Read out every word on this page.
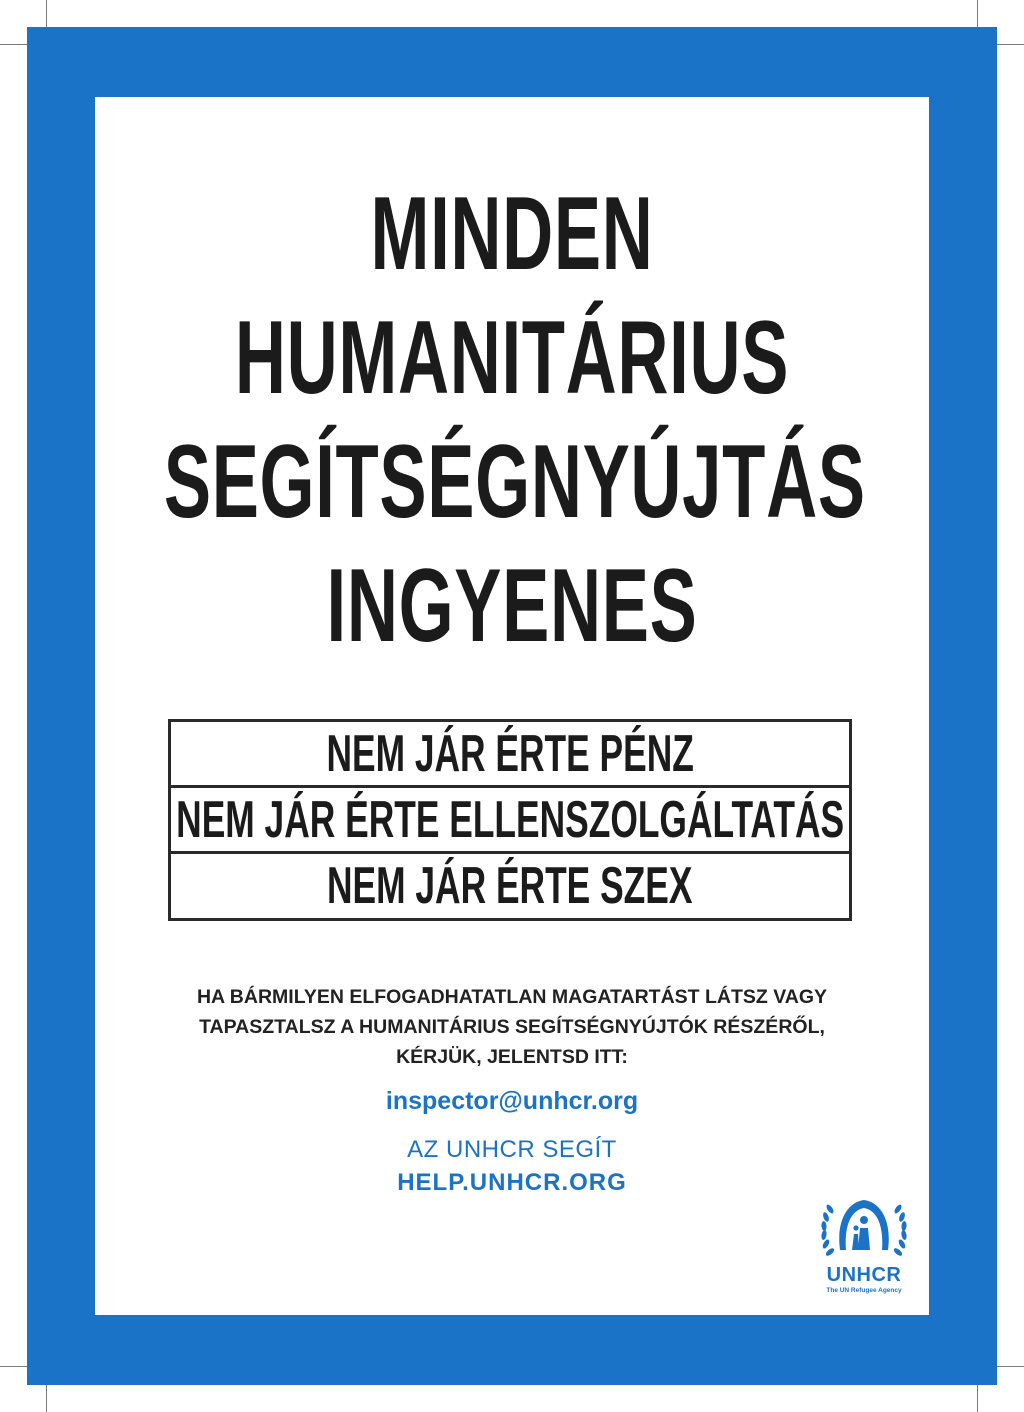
MINDEN
HUMANITÁRIUS
SEGÍTSÉGNYÚJTÁS
INGYENES
NEM JÁR ÉRTE PÉNZ
NEM JÁR ÉRTE ELLENSZOLGÁLTATÁS
NEM JÁR ÉRTE SZEX
HA BÁRMILYEN ELFOGADHATATLAN MAGATARTÁST LÁTSZ VAGY
TAPASZTALSZ A HUMANITÁRIUS SEGÍTSÉGNYÚJTÓK RÉSZÉRŐL,
KÉRJÜK, JELENTSD ITT:
inspector@unhcr.org
AZ UNHCR SEGÍT
HELP.UNHCR.ORG
UNHCR
The UN Refugee Agency
